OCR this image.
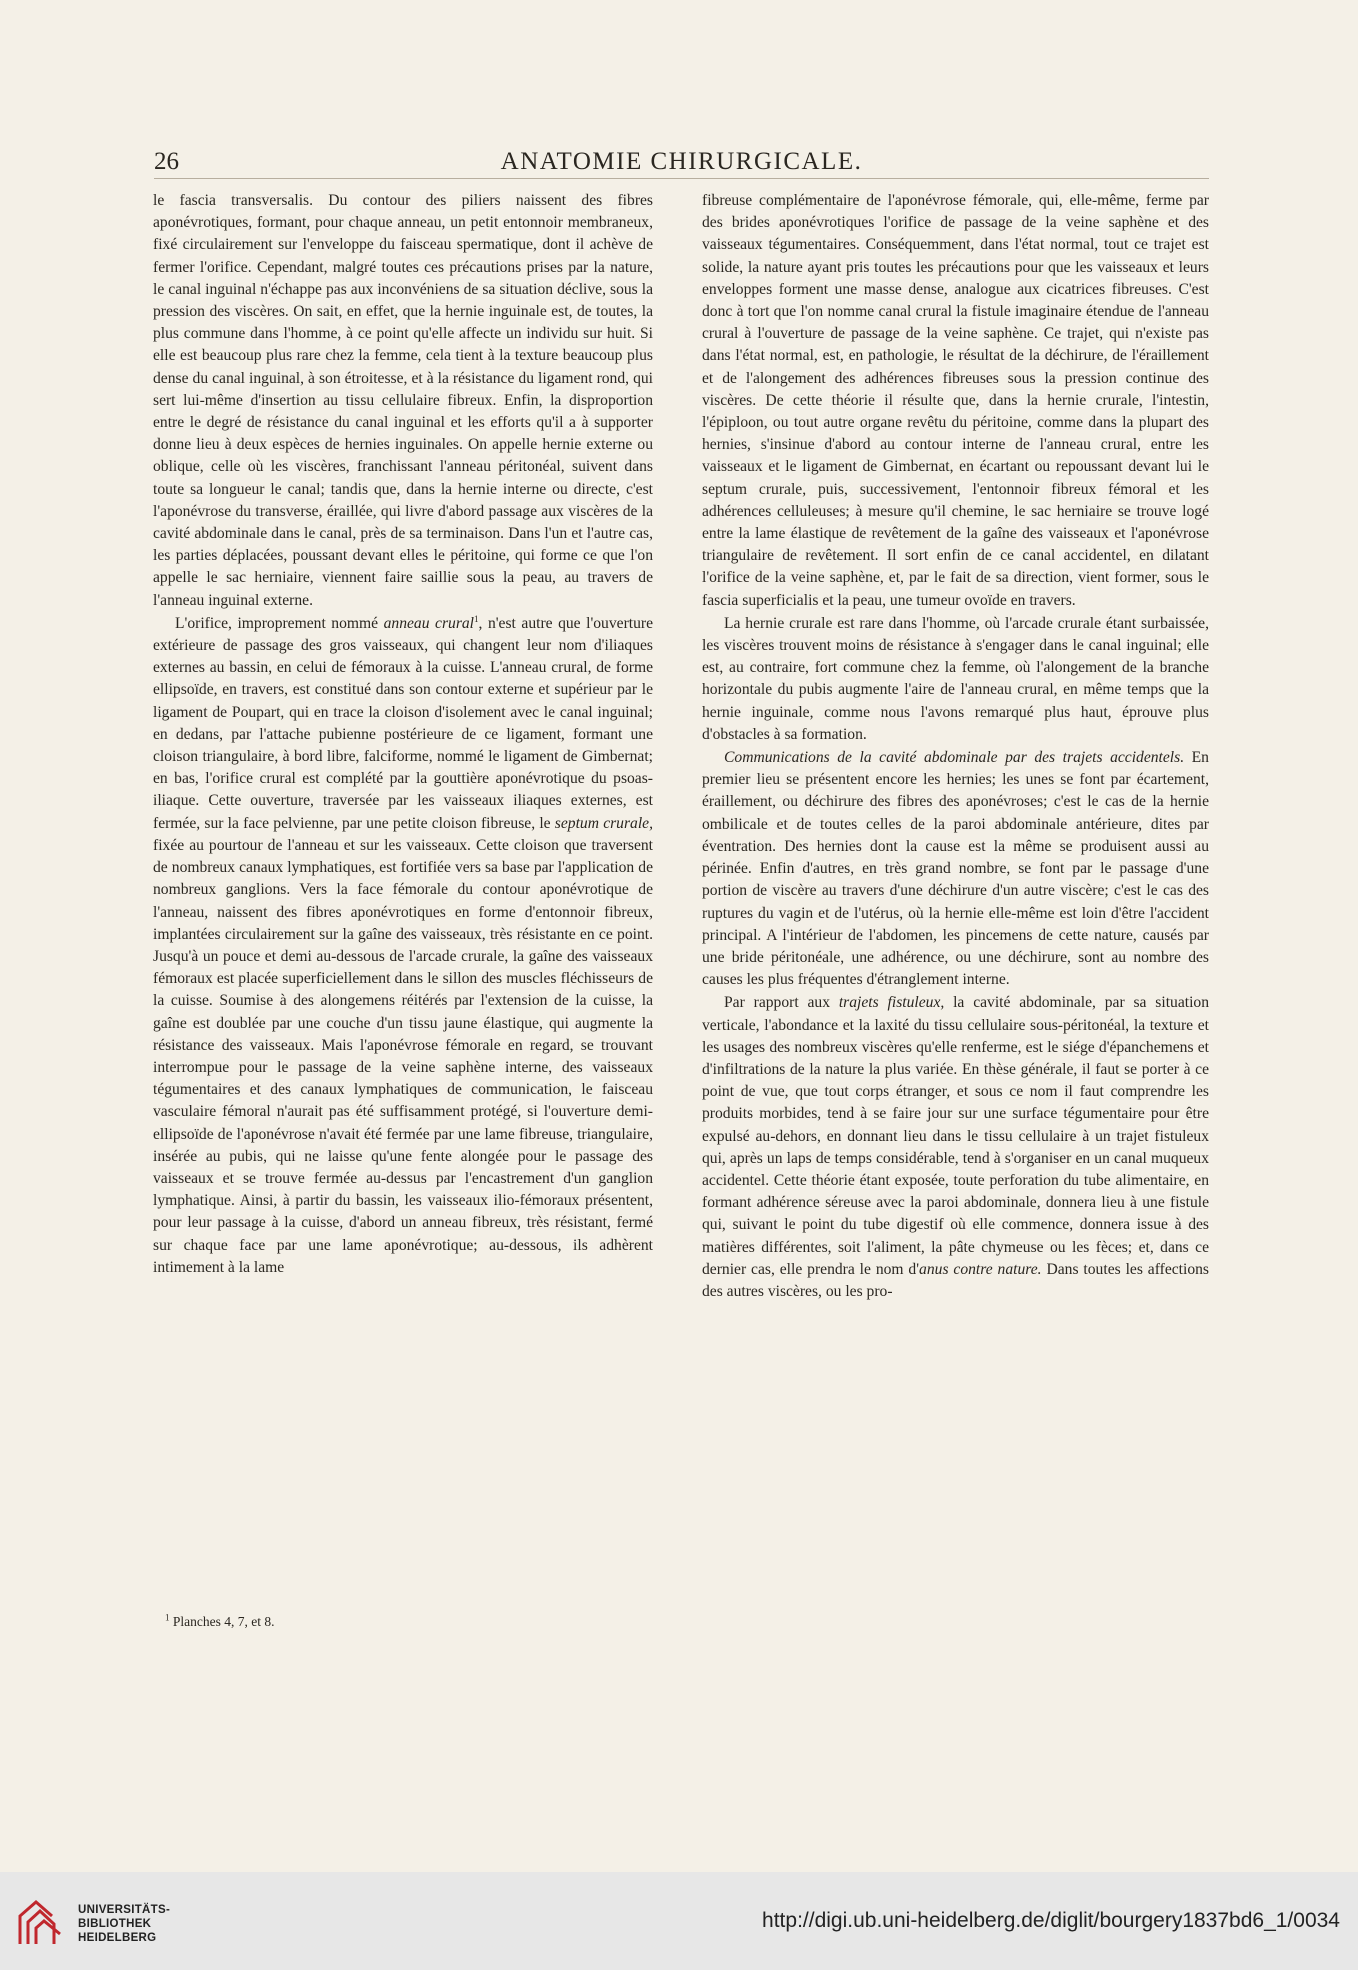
26	ANATOMIE CHIRURGICALE.

le fascia transversalis. Du contour des piliers naissent des fibres aponévrotiques, formant, pour chaque anneau, un petit entonnoir membraneux, fixé circulairement sur l'enveloppe du faisceau spermatique, dont il achève de fermer l'orifice. Cependant, malgré toutes ces précautions prises par la nature, le canal inguinal n'échappe pas aux inconvéniens de sa situation déclive, sous la pression des viscères. On sait, en effet, que la hernie inguinale est, de toutes, la plus commune dans l'homme, à ce point qu'elle affecte un individu sur huit. Si elle est beaucoup plus rare chez la femme, cela tient à la texture beaucoup plus dense du canal inguinal, à son étroitesse, et à la résistance du ligament rond, qui sert lui-même d'insertion au tissu cellulaire fibreux. Enfin, la disproportion entre le degré de résistance du canal inguinal et les efforts qu'il a à supporter donne lieu à deux espèces de hernies inguinales. On appelle hernie externe ou oblique, celle où les viscères, franchissant l'anneau péritonéal, suivent dans toute sa longueur le canal; tandis que, dans la hernie interne ou directe, c'est l'aponévrose du transverse, éraillée, qui livre d'abord passage aux viscères de la cavité abdominale dans le canal, près de sa terminaison. Dans l'un et l'autre cas, les parties déplacées, poussant devant elles le péritoine, qui forme ce que l'on appelle le sac herniaire, viennent faire saillie sous la peau, au travers de l'anneau inguinal externe.

L'orifice, improprement nommé anneau crural$^1$, n'est autre que l'ouverture extérieure de passage des gros vaisseaux, qui changent leur nom d'iliaques externes au bassin, en celui de fémoraux à la cuisse. L'anneau crural, de forme ellipsoïde, en travers, est constitué dans son contour externe et supérieur par le ligament de Poupart, qui en trace la cloison d'isolement avec le canal inguinal; en dedans, par l'attache pubienne postérieure de ce ligament, formant une cloison triangulaire, à bord libre, falciforme, nommé le ligament de Gimbernat; en bas, l'orifice crural est complété par la gouttière aponévrotique du psoas-iliaque. Cette ouverture, traversée par les vaisseaux iliaques externes, est fermée, sur la face pelvienne, par une petite cloison fibreuse, le septum crurale, fixée au pourtour de l'anneau et sur les vaisseaux. Cette cloison que traversent de nombreux canaux lymphatiques, est fortifiée vers sa base par l'application de nombreux ganglions. Vers la face fémorale du contour aponévrotique de l'anneau, naissent des fibres aponévrotiques en forme d'entonnoir fibreux, implantées circulairement sur la gaîne des vaisseaux, très résistante en ce point. Jusqu'à un pouce et demi au-dessous de l'arcade crurale, la gaîne des vaisseaux fémoraux est placée superficiellement dans le sillon des muscles fléchisseurs de la cuisse. Soumise à des alongemens réitérés par l'extension de la cuisse, la gaîne est doublée par une couche d'un tissu jaune élastique, qui augmente la résistance des vaisseaux. Mais l'aponévrose fémorale en regard, se trouvant interrompue pour le passage de la veine saphène interne, des vaisseaux tégumentaires et des canaux lymphatiques de communication, le faisceau vasculaire fémoral n'aurait pas été suffisamment protégé, si l'ouverture demi-ellipsoïde de l'aponévrose n'avait été fermée par une lame fibreuse, triangulaire, insérée au pubis, qui ne laisse qu'une fente alongée pour le passage des vaisseaux et se trouve fermée au-dessus par l'encastrement d'un ganglion lymphatique. Ainsi, à partir du bassin, les vaisseaux ilio-fémoraux présentent, pour leur passage à la cuisse, d'abord un anneau fibreux, très résistant, fermé sur chaque face par une lame aponévrotique; au-dessous, ils adhèrent intimement à la lame

fibreuse complémentaire de l'aponévrose fémorale, qui, elle-même, ferme par des brides aponévrotiques l'orifice de passage de la veine saphène et des vaisseaux tégumentaires. Conséquemment, dans l'état normal, tout ce trajet est solide, la nature ayant pris toutes les précautions pour que les vaisseaux et leurs enveloppes forment une masse dense, analogue aux cicatrices fibreuses. C'est donc à tort que l'on nomme canal crural la fistule imaginaire étendue de l'anneau crural à l'ouverture de passage de la veine saphène. Ce trajet, qui n'existe pas dans l'état normal, est, en pathologie, le résultat de la déchirure, de l'éraillement et de l'alongement des adhérences fibreuses sous la pression continue des viscères. De cette théorie il résulte que, dans la hernie crurale, l'intestin, l'épiploon, ou tout autre organe revêtu du péritoine, comme dans la plupart des hernies, s'insinue d'abord au contour interne de l'anneau crural, entre les vaisseaux et le ligament de Gimbernat, en écartant ou repoussant devant lui le septum crurale, puis, successivement, l'entonnoir fibreux fémoral et les adhérences celluleuses; à mesure qu'il chemine, le sac herniaire se trouve logé entre la lame élastique de revêtement de la gaîne des vaisseaux et l'aponévrose triangulaire de revêtement. Il sort enfin de ce canal accidentel, en dilatant l'orifice de la veine saphène, et, par le fait de sa direction, vient former, sous le fascia superficialis et la peau, une tumeur ovoïde en travers.

La hernie crurale est rare dans l'homme, où l'arcade crurale étant surbaissée, les viscères trouvent moins de résistance à s'engager dans le canal inguinal; elle est, au contraire, fort commune chez la femme, où l'alongement de la branche horizontale du pubis augmente l'aire de l'anneau crural, en même temps que la hernie inguinale, comme nous l'avons remarqué plus haut, éprouve plus d'obstacles à sa formation.

Communications de la cavité abdominale par des trajets accidentels. En premier lieu se présentent encore les hernies; les unes se font par écartement, éraillement, ou déchirure des fibres des aponévroses; c'est le cas de la hernie ombilicale et de toutes celles de la paroi abdominale antérieure, dites par éventration. Des hernies dont la cause est la même se produisent aussi au périnée. Enfin d'autres, en très grand nombre, se font par le passage d'une portion de viscère au travers d'une déchirure d'un autre viscère; c'est le cas des ruptures du vagin et de l'utérus, où la hernie elle-même est loin d'être l'accident principal. A l'intérieur de l'abdomen, les pincemens de cette nature, causés par une bride péritonéale, une adhérence, ou une déchirure, sont au nombre des causes les plus fréquentes d'étranglement interne.

Par rapport aux trajets fistuleux, la cavité abdominale, par sa situation verticale, l'abondance et la laxité du tissu cellulaire sous-péritonéal, la texture et les usages des nombreux viscères qu'elle renferme, est le siége d'épanchemens et d'infiltrations de la nature la plus variée. En thèse générale, il faut se porter à ce point de vue, que tout corps étranger, et sous ce nom il faut comprendre les produits morbides, tend à se faire jour sur une surface tégumentaire pour être expulsé au-dehors, en donnant lieu dans le tissu cellulaire à un trajet fistuleux qui, après un laps de temps considérable, tend à s'organiser en un canal muqueux accidentel. Cette théorie étant exposée, toute perforation du tube alimentaire, en formant adhérence séreuse avec la paroi abdominale, donnera lieu à une fistule qui, suivant le point du tube digestif où elle commence, donnera issue à des matières différentes, soit l'aliment, la pâte chymeuse ou les fèces; et, dans ce dernier cas, elle prendra le nom d'anus contre nature. Dans toutes les affections des autres viscères, ou les pro-

$^1$ Planches 4, 7, et 8.
UNIVERSITÄTS-
BIBLIOTHEK
HEIDELBERG
http://digi.ub.uni-heidelberg.de/diglit/bourgery1837bd6_1/0034
